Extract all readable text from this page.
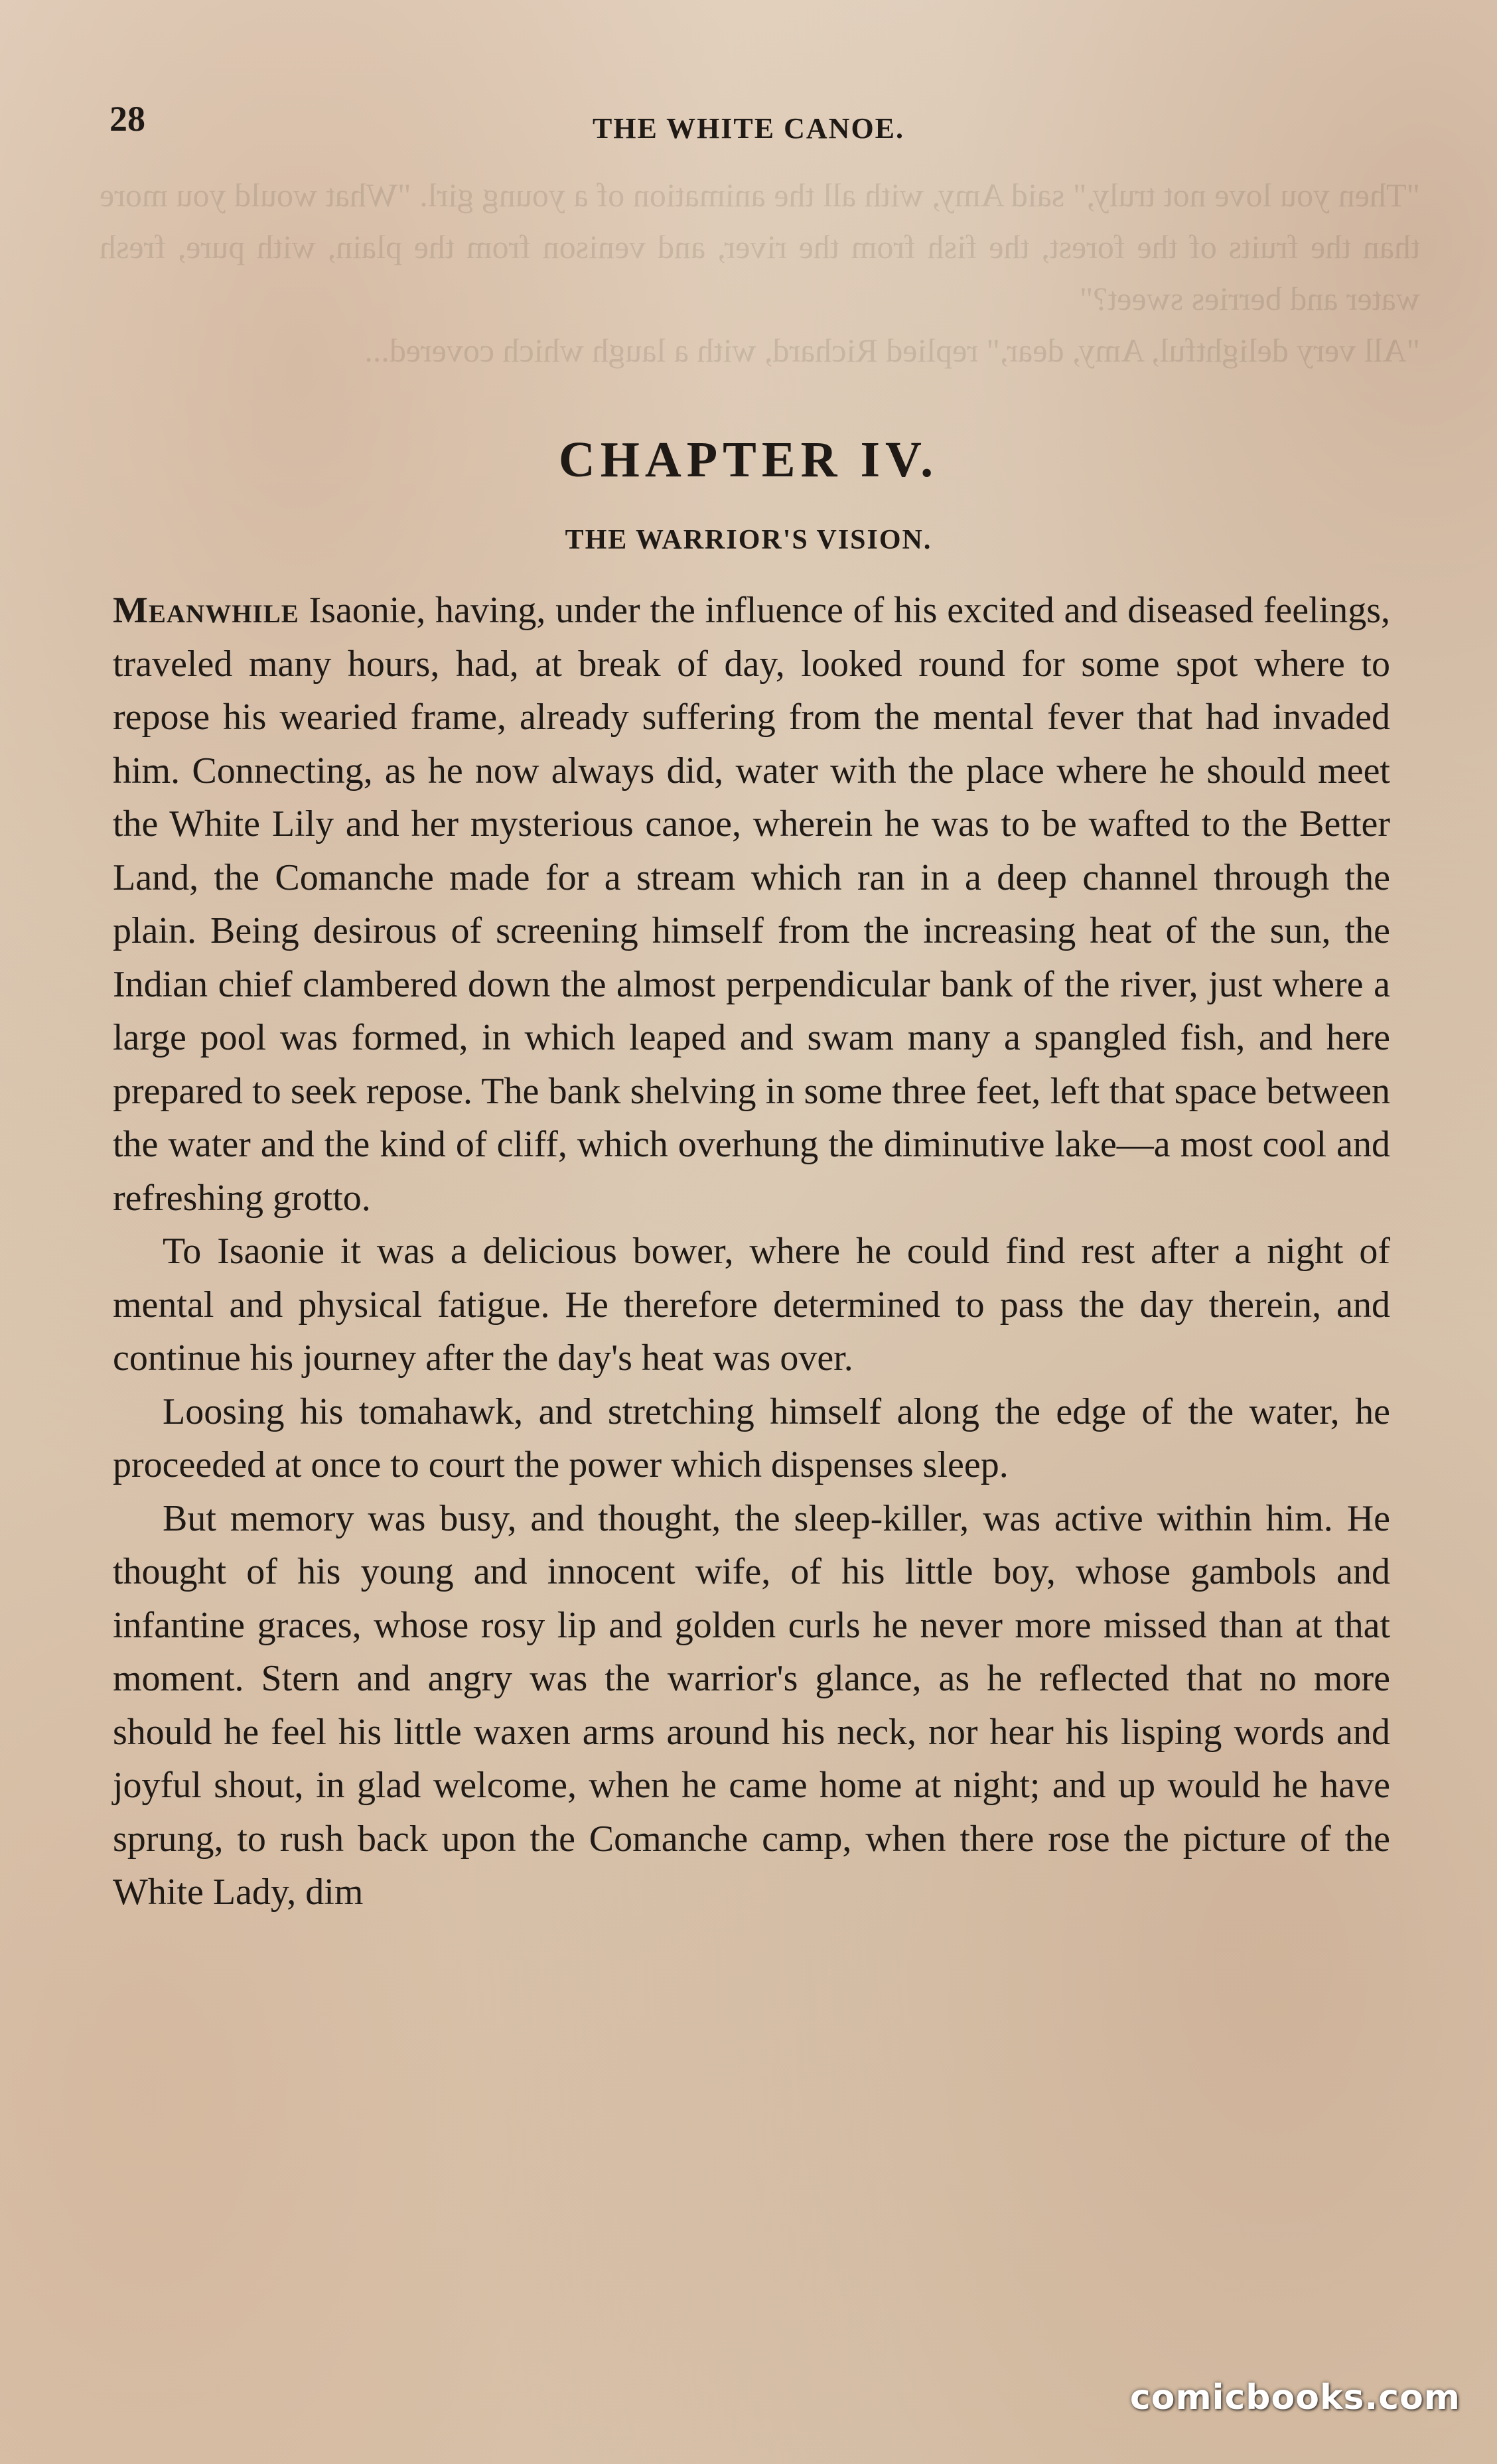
"Then you love not truly," said Amy, with all the animation of a young girl. "What would you more than the fruits of the forest, the fish from the river, and venison from the plain, with pure, fresh water and berries sweet?"
"All very delightful, Amy, dear," replied Richard, with a laugh which covered...
28	THE WHITE CANOE.
CHAPTER IV.
THE WARRIOR'S VISION.

Meanwhile Isaonie, having, under the influence of his excited and diseased feelings, traveled many hours, had, at break of day, looked round for some spot where to repose his wearied frame, already suffering from the mental fever that had invaded him. Connecting, as he now always did, water with the place where he should meet the White Lily and her mysterious canoe, wherein he was to be wafted to the Better Land, the Comanche made for a stream which ran in a deep channel through the plain. Being desirous of screening himself from the increasing heat of the sun, the Indian chief clambered down the almost perpendicular bank of the river, just where a large pool was formed, in which leaped and swam many a spangled fish, and here prepared to seek repose. The bank shelving in some three feet, left that space between the water and the kind of cliff, which overhung the diminutive lake—a most cool and refreshing grotto.

To Isaonie it was a delicious bower, where he could find rest after a night of mental and physical fatigue. He therefore determined to pass the day therein, and continue his journey after the day's heat was over.

Loosing his tomahawk, and stretching himself along the edge of the water, he proceeded at once to court the power which dispenses sleep.

But memory was busy, and thought, the sleep-killer, was active within him. He thought of his young and innocent wife, of his little boy, whose gambols and infantine graces, whose rosy lip and golden curls he never more missed than at that moment. Stern and angry was the warrior's glance, as he reflected that no more should he feel his little waxen arms around his neck, nor hear his lisping words and joyful shout, in glad welcome, when he came home at night; and up would he have sprung, to rush back upon the Comanche camp, when there rose the picture of the White Lady, dim

comicbooks.com
